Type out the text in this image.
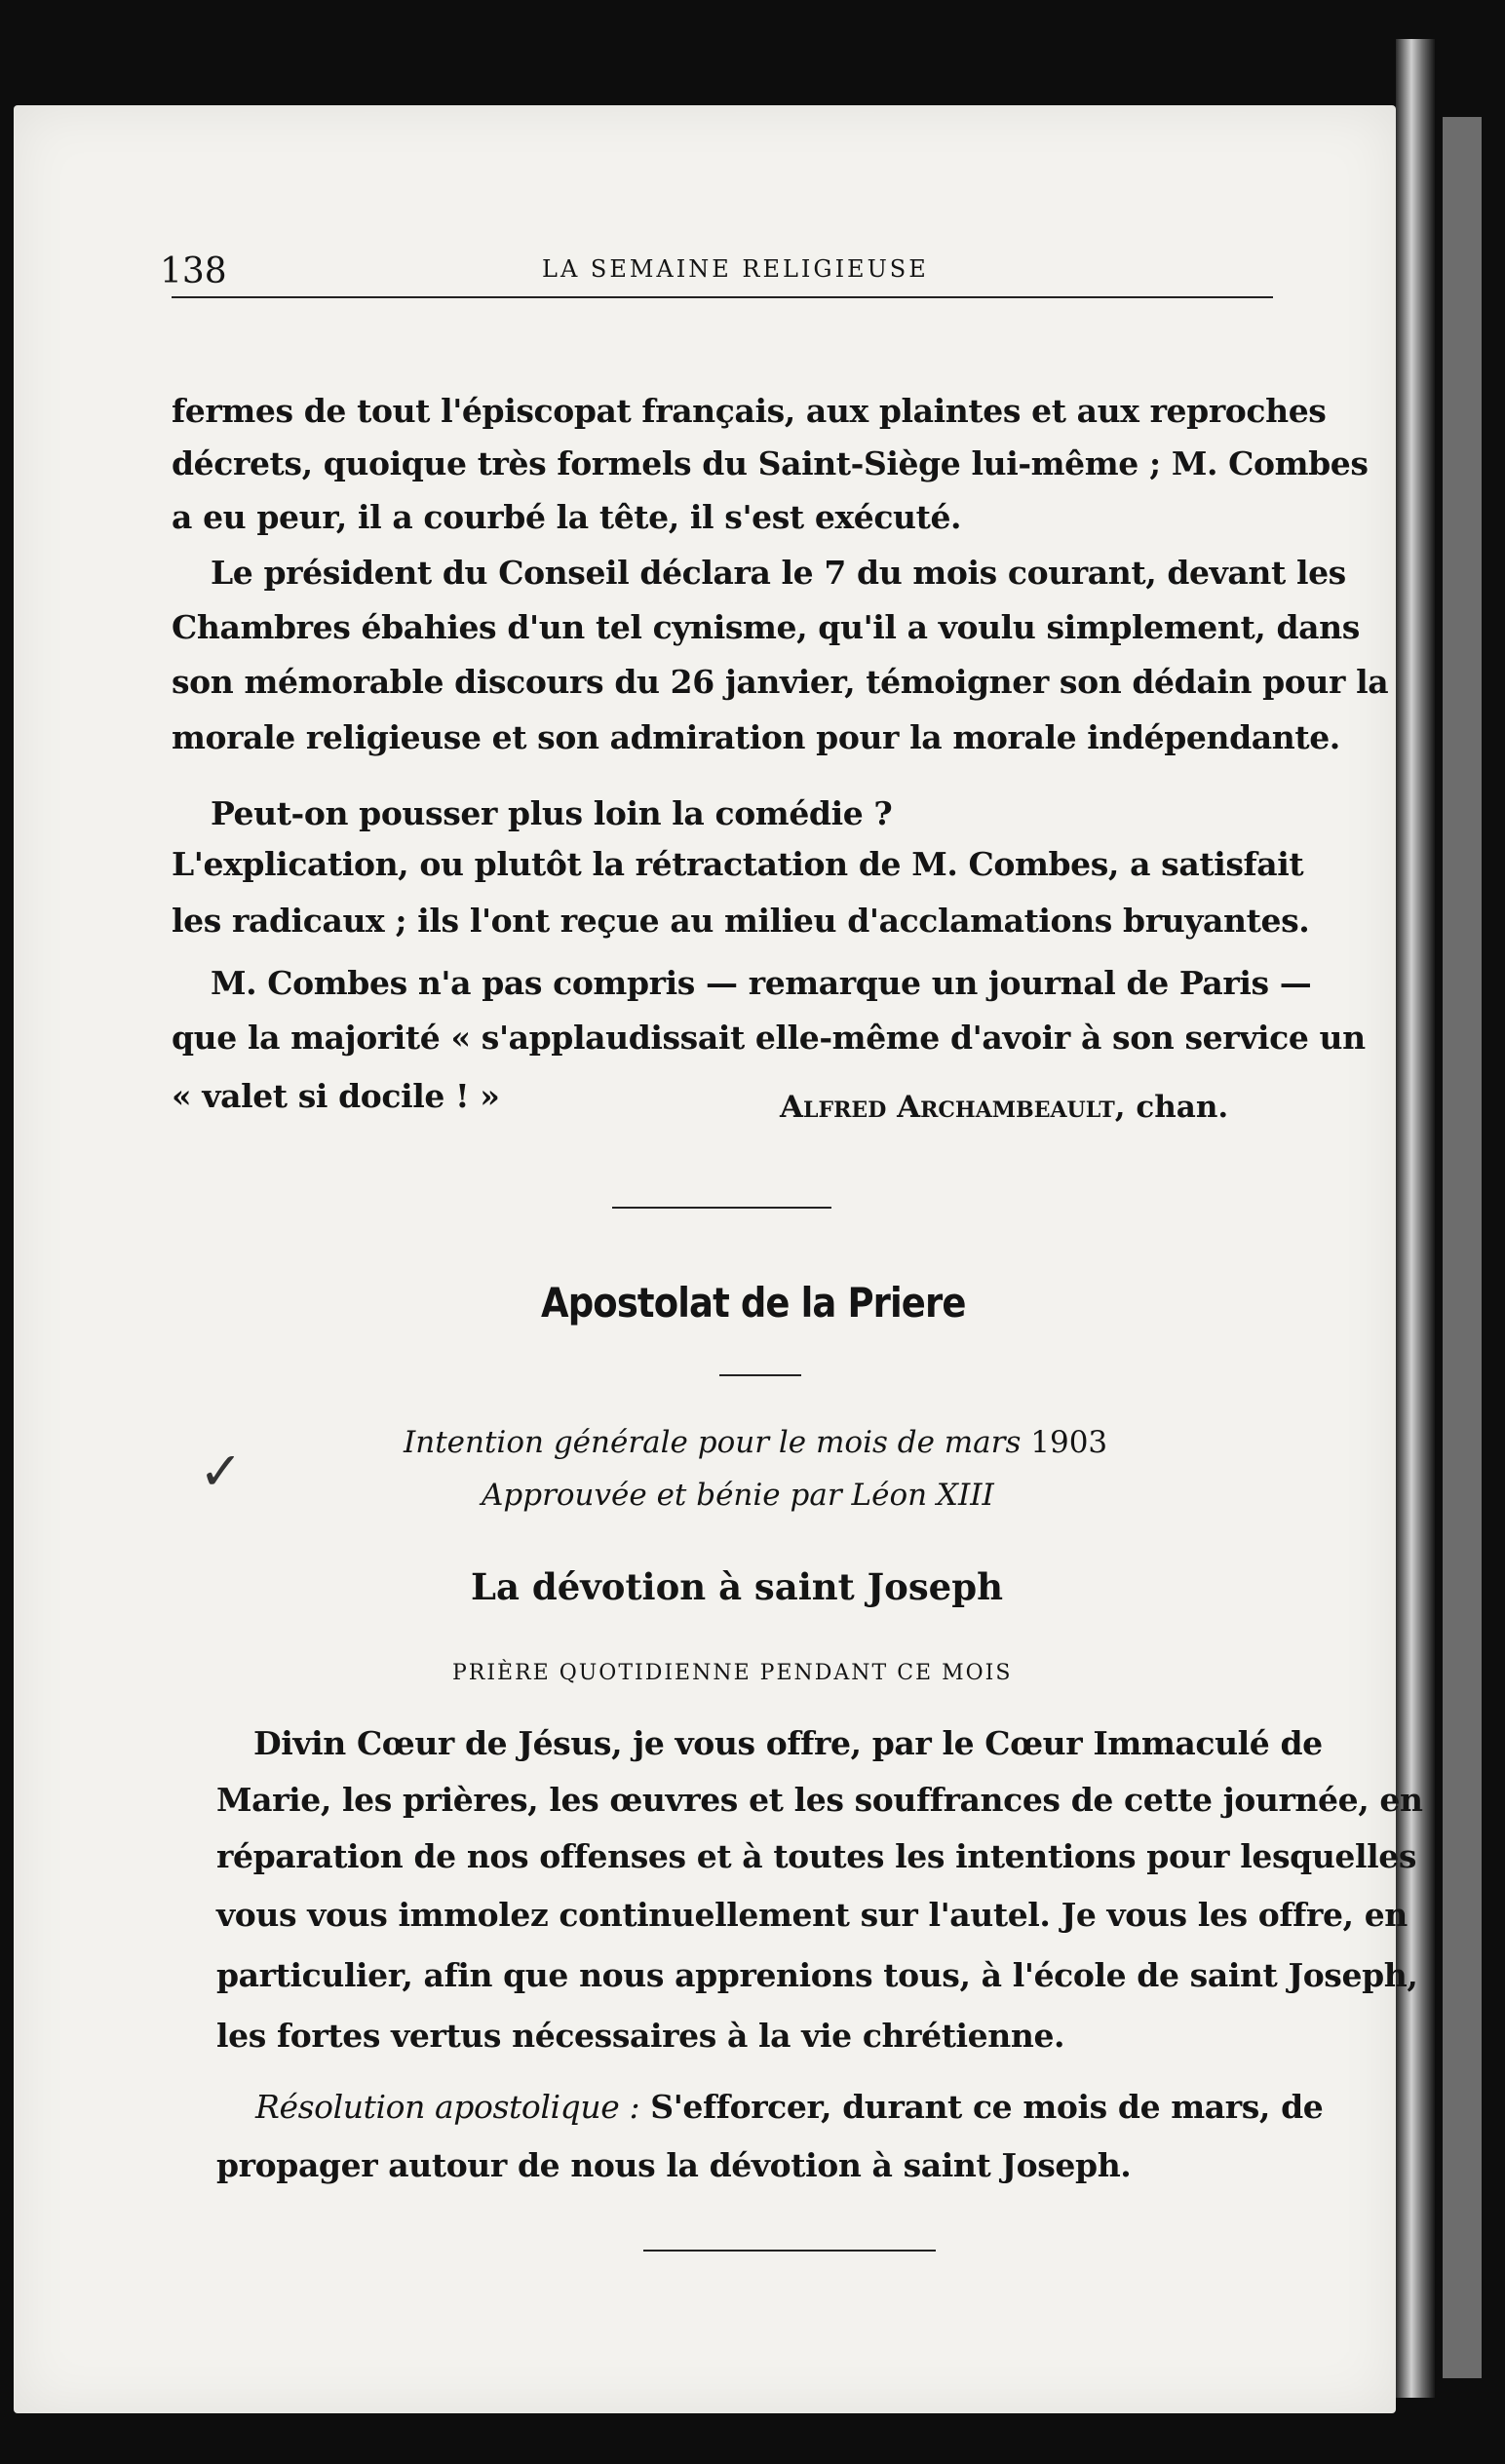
138	LA SEMAINE RELIGIEUSE
fermes de tout l'épiscopat français, aux plaintes et aux reproches
décrets, quoique très formels du Saint-Siège lui-même ; M. Combes
a eu peur, il a courbé la tête, il s'est exécuté.
Le président du Conseil déclara le 7 du mois courant, devant les
Chambres ébahies d'un tel cynisme, qu'il a voulu simplement, dans
son mémorable discours du 26 janvier, témoigner son dédain pour la
morale religieuse et son admiration pour la morale indépendante.
Peut-on pousser plus loin la comédie ?
L'explication, ou plutôt la rétractation de M. Combes, a satisfait
les radicaux ; ils l'ont reçue au milieu d'acclamations bruyantes.
M. Combes n'a pas compris — remarque un journal de Paris —
que la majorité « s'applaudissait elle-même d'avoir à son service un
« valet si docile ! »	Alfred Archambeault, chan.
Apostolat de la Priere
✓	Intention générale pour le mois de mars 1903
Approuvée et bénie par Léon XIII
La dévotion à saint Joseph
PRIÈRE QUOTIDIENNE PENDANT CE MOIS
Divin Cœur de Jésus, je vous offre, par le Cœur Immaculé de
Marie, les prières, les œuvres et les souffrances de cette journée, en
réparation de nos offenses et à toutes les intentions pour lesquelles
vous vous immolez continuellement sur l'autel. Je vous les offre, en
particulier, afin que nous apprenions tous, à l'école de saint Joseph,
les fortes vertus nécessaires à la vie chrétienne.
Résolution apostolique : S'efforcer, durant ce mois de mars, de
propager autour de nous la dévotion à saint Joseph.
